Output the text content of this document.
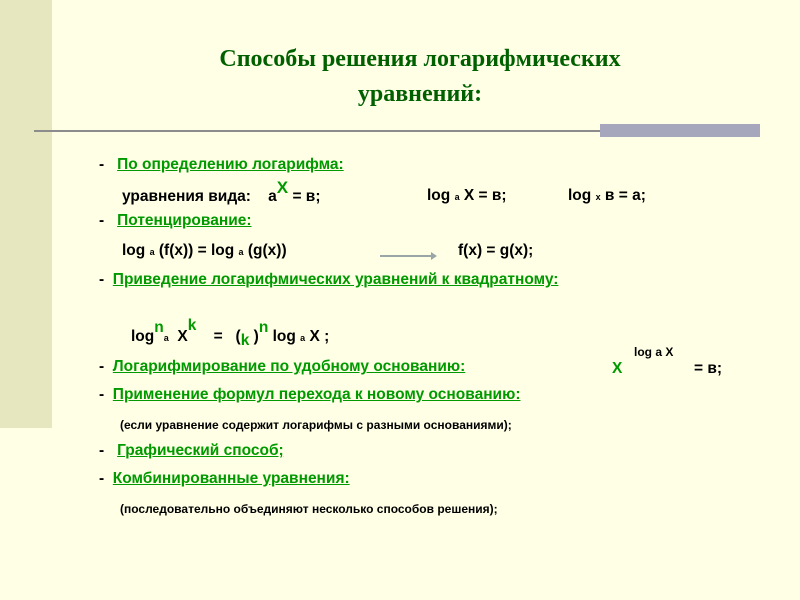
Способы решения логарифмических
уравнений:
- По определению логарифма:
уравнения вида: aX = в;	log a X = в;	log x в = а;
- Потенцирование:
log a (f(x)) = log a (g(x))	f(x) = g(x);
- Приведение логарифмических уравнений к квадратному:
logna Xk    = (k )n log a X ;
- Логарифмирование по удобному основанию:	X
log a X
= в;
- Применение формул перехода к новому основанию:
(если уравнение содержит логарифмы с разными основаниями);
- Графический способ;
- Комбинированные уравнения:
(последовательно объединяют несколько способов решения);
